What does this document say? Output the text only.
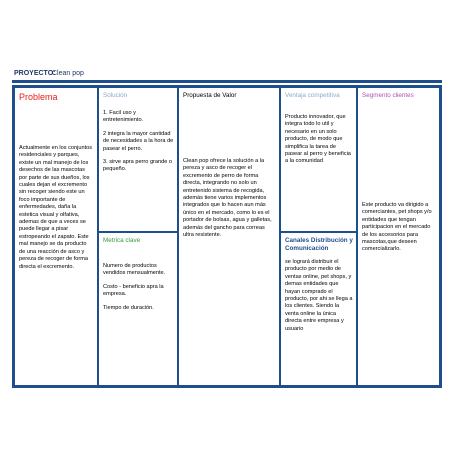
PROYECTO:
Clean pop
Problema
Actualmente en los conjuntos residenciales y parques, existe un mal manejo de los desechos de las mascotas por parte de sus dueños, los cuales dejan el excremento sin recoger siendo este un foco importante de enfermedades, daña la estetica visual y olfativa, ademas de que a veces se puede llegar a pisar estropeando el zapato. Este mal manejo se da producto de una reacción de asco y pereza de recoger de forma directa el excremento.
Solución

1. Facil uso y entretenimiento.

2 integra la mayor cantidad de necesidades a la hora de pasear el perro.

3. sirve apra perro grande o pequeño.

Metrica clave

Numero de productos vendidos mensualmente.

Costo - beneficio apra la empresa.

Tiempo de duración.

Propuesta de Valor
Clean pop ofrece la solución a la pereza y asco de recoger el excremento de perro de forma directa, integrando no solo un entretenido sistema de recogida, además tiene varios implementos integrados que lo hacen aun más único en el mercado, como lo es el portador de bolsas, agua y galletas, además del gancho para correas ultra resistente.
Ventaja competitiva
Producto innovador, que integra todo lo util y necesario en un solo producto, de modo que simplifica la tarea de pasear al perro y beneficia a la comunidad
Canales Distribución y Comunicación
se logrará distribuir el producto por medio de ventas online, pet shops, y demas entidades que hayan comprado el producto, por ahi se llega a los clientes. Siendo la venta online la única directa entre empresa y usuario
Segmento clientes
Este producto va dirigido a comerciantes, pet shops y/o entidades que tengan participacion en el mercado de los accesorios para mascotas,que deseen comercializarlo.
